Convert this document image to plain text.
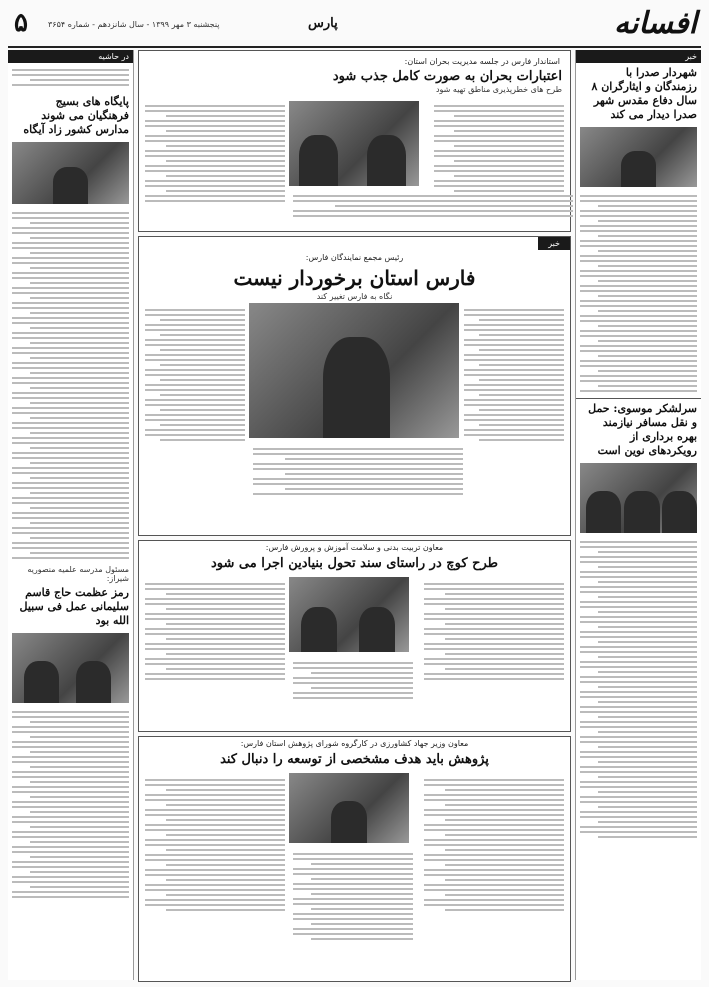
۵	پنجشنبه ۳ مهر ۱۳۹۹ - سال شانزدهم - شماره ۳۶۵۴	پارس	افسانه
خبر
شهردار صدرا با رزمندگان و ایثارگران ۸ سال دفاع مقدس شهر صدرا دیدار می کند
سرلشکر موسوی: حمل و نقل مسافر نیازمند بهره برداری از رویکردهای نوین است
در حاشیه
پایگاه های بسیج فرهنگیان می شوند مدارس کشور زاد آیگاه
مسئول مدرسه علمیه منصوریه شیراز:
رمز عظمت حاج قاسم سلیمانی عمل فی سبیل الله بود
استاندار فارس در جلسه مدیریت بحران استان:
اعتبارات بحران به صورت کامل جذب شود
طرح های خطرپذیری مناطق تهیه شود
خبر
رئیس مجمع نمایندگان فارس:
فارس استان برخوردار نیست
نگاه به فارس تغییر کند
معاون تربیت بدنی و سلامت آموزش و پرورش فارس:
طرح کوچ در راستای سند تحول بنیادین اجرا می شود
معاون وزیر جهاد کشاورزی در کارگروه شورای پژوهش استان فارس:
پژوهش باید هدف مشخصی از توسعه را دنبال کند
